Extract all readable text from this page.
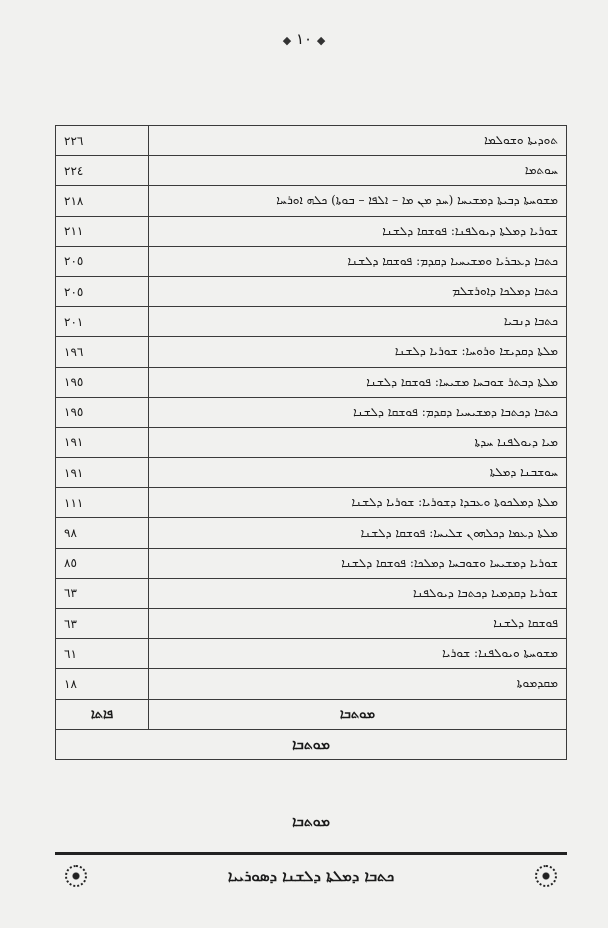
◆ ١٠ ◆
ܬܘܕܝܬܐ ܘܫܘܠܡܐ	٢٢٦
ܚܘܬܡܐ	٢٢٤
ܡܫܘܚܬܐ ܕܒܝܬܐ ܕܡܫܝܚܐ (ܚܕ ܡܢ ܡܐ – ܐܠܦܐ – ܒܘܬܐ) ܟܠܗ ܐܘܪܚܐ	٢١٨
ܫܘܪܝܐ ܕܡܠܬܐ ܕܝܘܠܦܢܐ: ܦܘܫܩܐ ܕܠܫܢܐ	٢١١
ܟܬܒܐ ܕܥܒܪܝܐ ܘܡܫܝܚܝܐ ܕܩܕܡ: ܦܘܫܩܐ ܕܠܫܢܐ	٢٠٥
ܟܬܒܐ ܕܡܠܟܐ ܕܐܘܪܫܠܡ	٢٠٥
ܟܬܒܐ ܕܢܒܝܐ	٢٠١
ܡܠܬܐ ܕܩܕܝܫܐ ܘܪܘܚܐ: ܫܘܪܝܐ ܕܠܫܢܐ	١٩٦
ܡܠܬܐ ܕܒܬܪ ܫܘܒܚܐ ܡܫܝܚܐ: ܦܘܫܩܐ ܕܠܫܢܐ	١٩٥
ܟܬܒܐ ܕܟܬܒܐ ܕܡܫܝܚܝܐ ܕܩܕܡ: ܦܘܫܩܐ ܕܠܫܢܐ	١٩٥
ܡܝܐ ܕܝܘܠܦܢܐ ܚܕܬܐ	١٩١
ܚܘܫܒܢܐ ܕܡܠܬܐ	١٩١
ܡܠܬܐ ܕܡܠܟܘܬܐ ܘܥܒܕܐ ܕܫܘܪܝܐ: ܫܘܪܝܐ ܕܠܫܢܐ	١١١
ܡܠܬܐ ܕܥܡܐ ܕܟܠܗܘܢ ܫܠܝܚܐ: ܦܘܫܩܐ ܕܠܫܢܐ	٩٨
ܫܘܪܝܐ ܕܡܫܝܚܐ ܘܫܘܒܚܐ ܕܡܠܟܐ: ܦܘܫܩܐ ܕܠܫܢܐ	٨٥
ܫܘܪܝܐ ܕܩܕܡܝܐ ܕܟܬܒܐ ܕܝܘܠܦܢܐ	٦٣
ܦܘܫܩܐ ܕܠܫܢܐ	٦٣
ܡܫܘܚܬܐ ܘܝܘܠܦܢܐ: ܫܘܪܝܐ	٦١
ܡܩܕܡܘܬܐ	١٨
ܡܘܬܒܐ	ܦܐܬܐ
ܡܘܬܒܐ
ܡܘܬܒܐ
ܟܬܒܐ ܕܡܠܬܐ ܕܠܫܢܐ ܕܣܘܪܝܝܐ
